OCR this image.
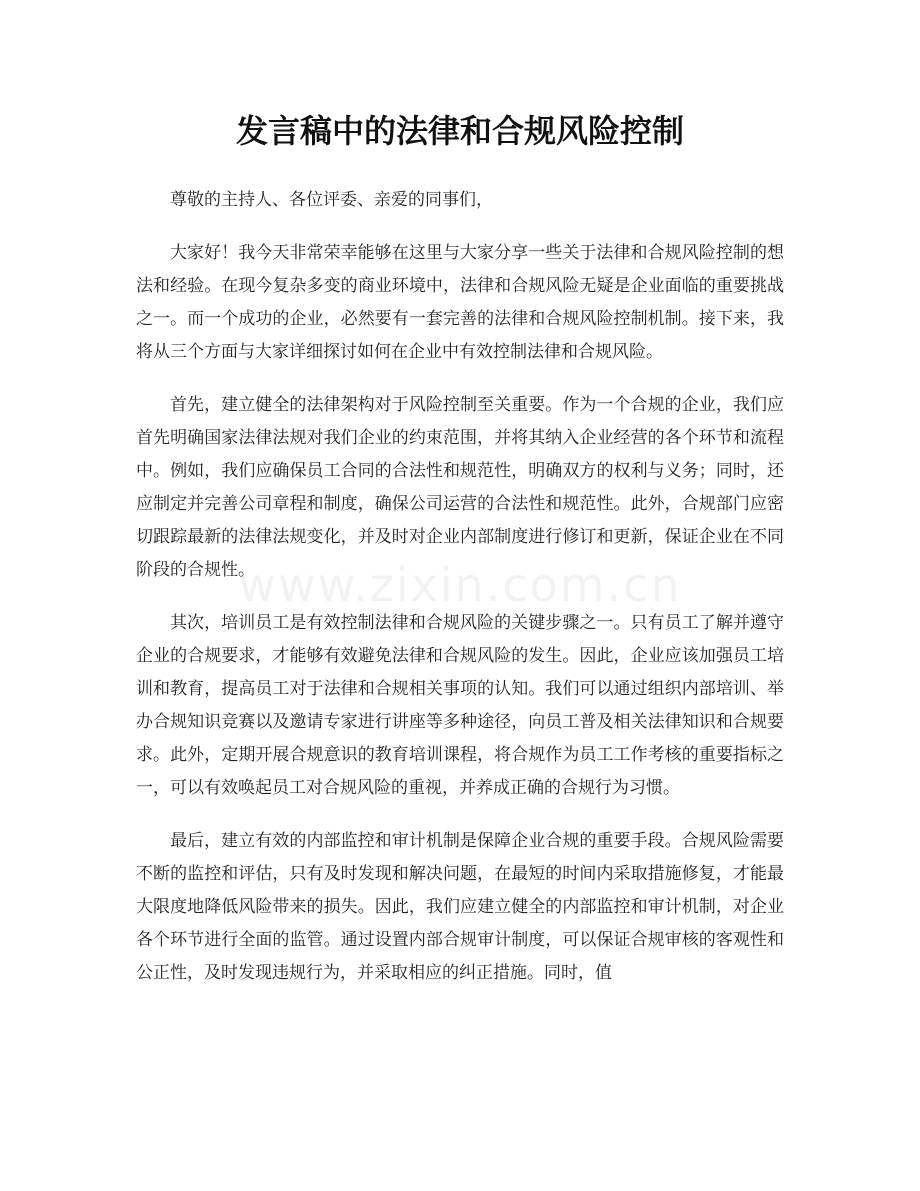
发言稿中的法律和合规风险控制
www.zixin.com.cn

尊敬的主持人、各位评委、亲爱的同事们，

大家好！我今天非常荣幸能够在这里与大家分享一些关于法律和合规风险控制的想法和经验。在现今复杂多变的商业环境中，法律和合规风险无疑是企业面临的重要挑战之一。而一个成功的企业，必然要有一套完善的法律和合规风险控制机制。接下来，我将从三个方面与大家详细探讨如何在企业中有效控制法律和合规风险。

首先，建立健全的法律架构对于风险控制至关重要。作为一个合规的企业，我们应首先明确国家法律法规对我们企业的约束范围，并将其纳入企业经营的各个环节和流程中。例如，我们应确保员工合同的合法性和规范性，明确双方的权利与义务；同时，还应制定并完善公司章程和制度，确保公司运营的合法性和规范性。此外，合规部门应密切跟踪最新的法律法规变化，并及时对企业内部制度进行修订和更新，保证企业在不同阶段的合规性。

其次，培训员工是有效控制法律和合规风险的关键步骤之一。只有员工了解并遵守企业的合规要求，才能够有效避免法律和合规风险的发生。因此，企业应该加强员工培训和教育，提高员工对于法律和合规相关事项的认知。我们可以通过组织内部培训、举办合规知识竞赛以及邀请专家进行讲座等多种途径，向员工普及相关法律知识和合规要求。此外，定期开展合规意识的教育培训课程，将合规作为员工工作考核的重要指标之一，可以有效唤起员工对合规风险的重视，并养成正确的合规行为习惯。

最后，建立有效的内部监控和审计机制是保障企业合规的重要手段。合规风险需要不断的监控和评估，只有及时发现和解决问题，在最短的时间内采取措施修复，才能最大限度地降低风险带来的损失。因此，我们应建立健全的内部监控和审计机制，对企业各个环节进行全面的监管。通过设置内部合规审计制度，可以保证合规审核的客观性和公正性，及时发现违规行为，并采取相应的纠正措施。同时，值
